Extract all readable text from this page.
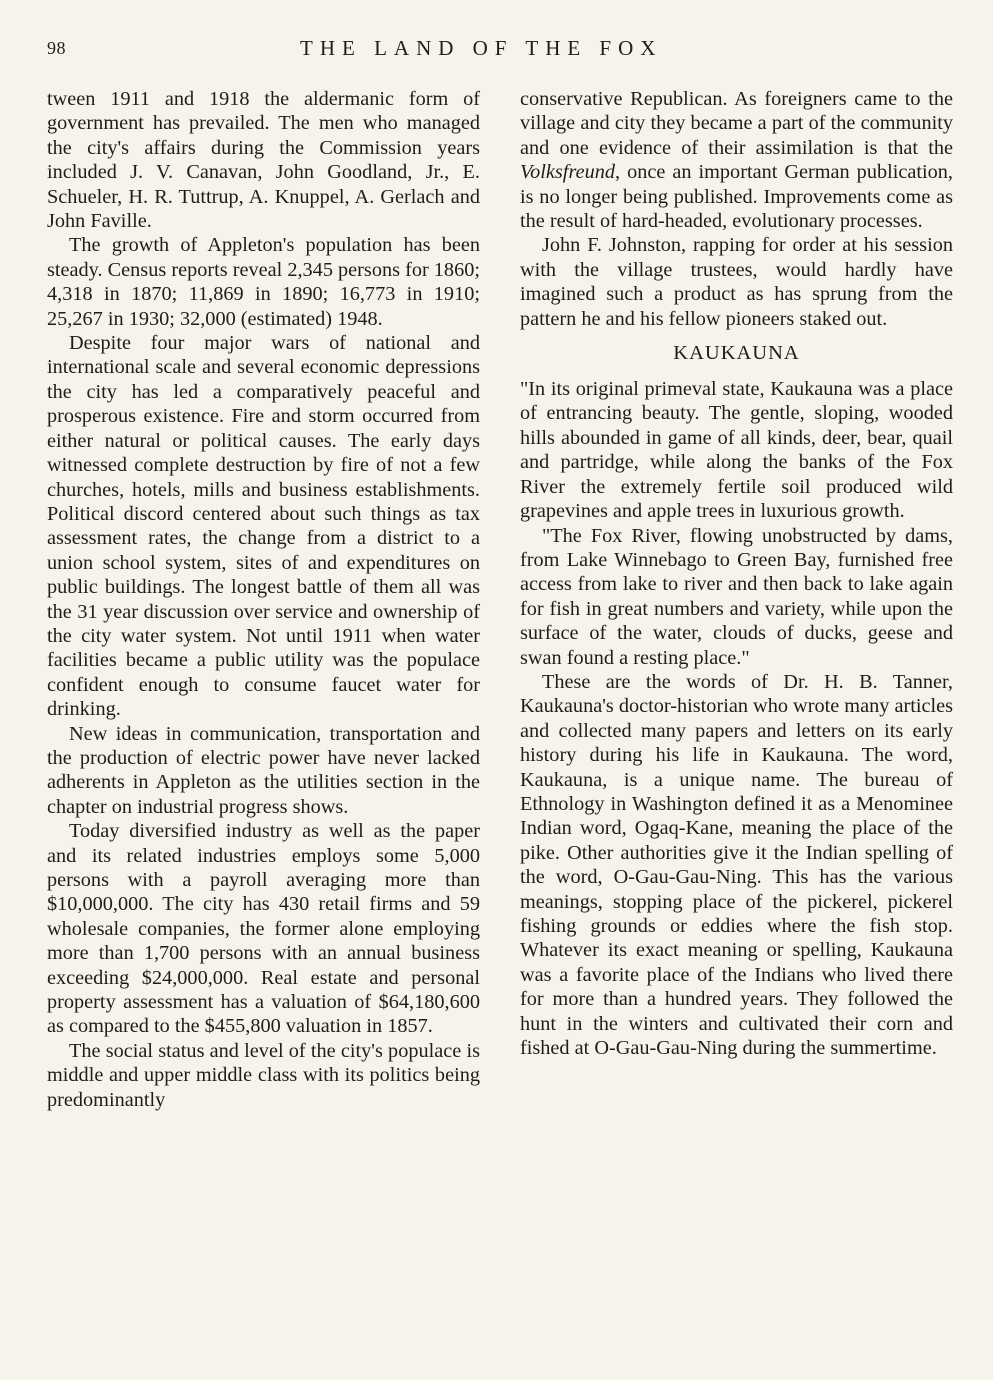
98	THE LAND OF THE FOX

tween 1911 and 1918 the aldermanic form of government has prevailed. The men who managed the city's affairs during the Commission years included J. V. Canavan, John Goodland, Jr., E. Schueler, H. R. Tuttrup, A. Knuppel, A. Gerlach and John Faville.

The growth of Appleton's population has been steady. Census reports reveal 2,345 persons for 1860; 4,318 in 1870; 11,869 in 1890; 16,773 in 1910; 25,267 in 1930; 32,000 (estimated) 1948.

Despite four major wars of national and international scale and several economic depressions the city has led a comparatively peaceful and prosperous existence. Fire and storm occurred from either natural or political causes. The early days witnessed complete destruction by fire of not a few churches, hotels, mills and business establishments. Political discord centered about such things as tax assessment rates, the change from a district to a union school system, sites of and expenditures on public buildings. The longest battle of them all was the 31 year discussion over service and ownership of the city water system. Not until 1911 when water facilities became a public utility was the populace confident enough to consume faucet water for drinking.

New ideas in communication, transportation and the production of electric power have never lacked adherents in Appleton as the utilities section in the chapter on industrial progress shows.

Today diversified industry as well as the paper and its related industries employs some 5,000 persons with a payroll averaging more than $10,000,000. The city has 430 retail firms and 59 wholesale companies, the former alone employing more than 1,700 persons with an annual business exceeding $24,000,000. Real estate and personal property assessment has a valuation of $64,180,600 as compared to the $455,800 valuation in 1857.

The social status and level of the city's populace is middle and upper middle class with its politics being predominantly

conservative Republican. As foreigners came to the village and city they became a part of the community and one evidence of their assimilation is that the Volksfreund, once an important German publication, is no longer being published. Improvements come as the result of hard-headed, evolutionary processes.

John F. Johnston, rapping for order at his session with the village trustees, would hardly have imagined such a product as has sprung from the pattern he and his fellow pioneers staked out.

KAUKAUNA

"In its original primeval state, Kaukauna was a place of entrancing beauty. The gentle, sloping, wooded hills abounded in game of all kinds, deer, bear, quail and partridge, while along the banks of the Fox River the extremely fertile soil produced wild grapevines and apple trees in luxurious growth.

"The Fox River, flowing unobstructed by dams, from Lake Winnebago to Green Bay, furnished free access from lake to river and then back to lake again for fish in great numbers and variety, while upon the surface of the water, clouds of ducks, geese and swan found a resting place."

These are the words of Dr. H. B. Tanner, Kaukauna's doctor-historian who wrote many articles and collected many papers and letters on its early history during his life in Kaukauna. The word, Kaukauna, is a unique name. The bureau of Ethnology in Washington defined it as a Menominee Indian word, Ogaq-Kane, meaning the place of the pike. Other authorities give it the Indian spelling of the word, O-Gau-Gau-Ning. This has the various meanings, stopping place of the pickerel, pickerel fishing grounds or eddies where the fish stop. Whatever its exact meaning or spelling, Kaukauna was a favorite place of the Indians who lived there for more than a hundred years. They followed the hunt in the winters and cultivated their corn and fished at O-Gau-Gau-Ning during the summertime.
